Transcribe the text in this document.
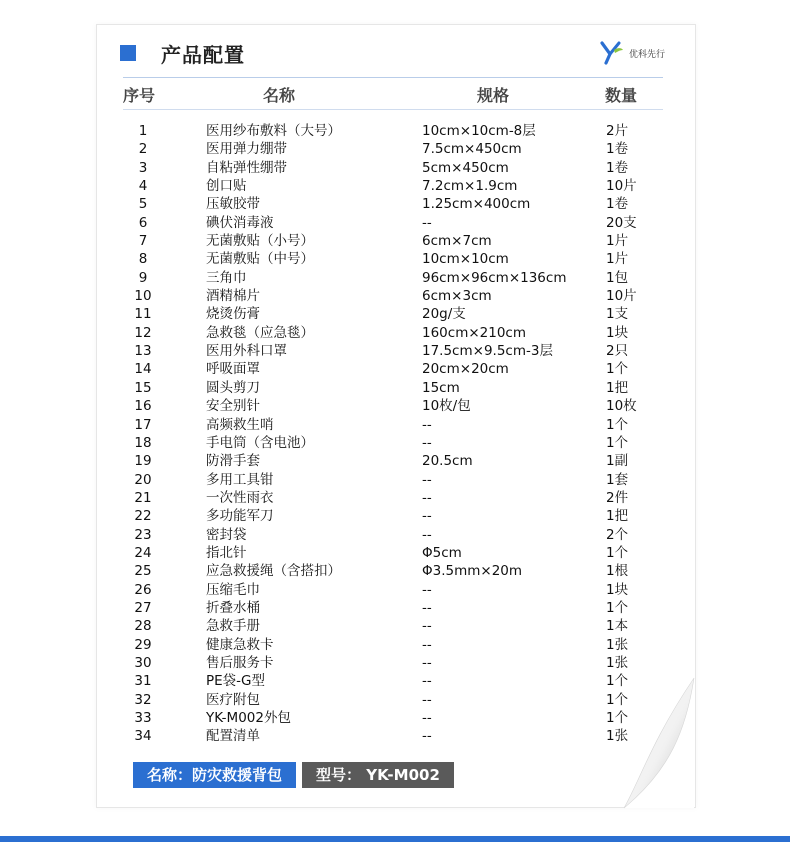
产品配置	优科先行
序号	名称	规格	数量
1	医用纱布敷料（大号）	10cm×10cm-8层	2片
2	医用弹力绷带	7.5cm×450cm	1卷
3	自粘弹性绷带	5cm×450cm	1卷
4	创口贴	7.2cm×1.9cm	10片
5	压敏胶带	1.25cm×400cm	1卷
6	碘伏消毒液	--	20支
7	无菌敷贴（小号）	6cm×7cm	1片
8	无菌敷贴（中号）	10cm×10cm	1片
9	三角巾	96cm×96cm×136cm	1包
10	酒精棉片	6cm×3cm	10片
11	烧烫伤膏	20g/支	1支
12	急救毯（应急毯）	160cm×210cm	1块
13	医用外科口罩	17.5cm×9.5cm-3层	2只
14	呼吸面罩	20cm×20cm	1个
15	圆头剪刀	15cm	1把
16	安全别针	10枚/包	10枚
17	高频救生哨	--	1个
18	手电筒（含电池）	--	1个
19	防滑手套	20.5cm	1副
20	多用工具钳	--	1套
21	一次性雨衣	--	2件
22	多功能军刀	--	1把
23	密封袋	--	2个
24	指北针	Φ5cm	1个
25	应急救援绳（含搭扣）	Φ3.5mm×20m	1根
26	压缩毛巾	--	1块
27	折叠水桶	--	1个
28	急救手册	--	1本
29	健康急救卡	--	1张
30	售后服务卡	--	1张
31	PE袋-G型	--	1个
32	医疗附包	--	1个
33	YK-M002外包	--	1个
34	配置清单	--	1张
名称：防灾救援背包	型号： YK-M002
